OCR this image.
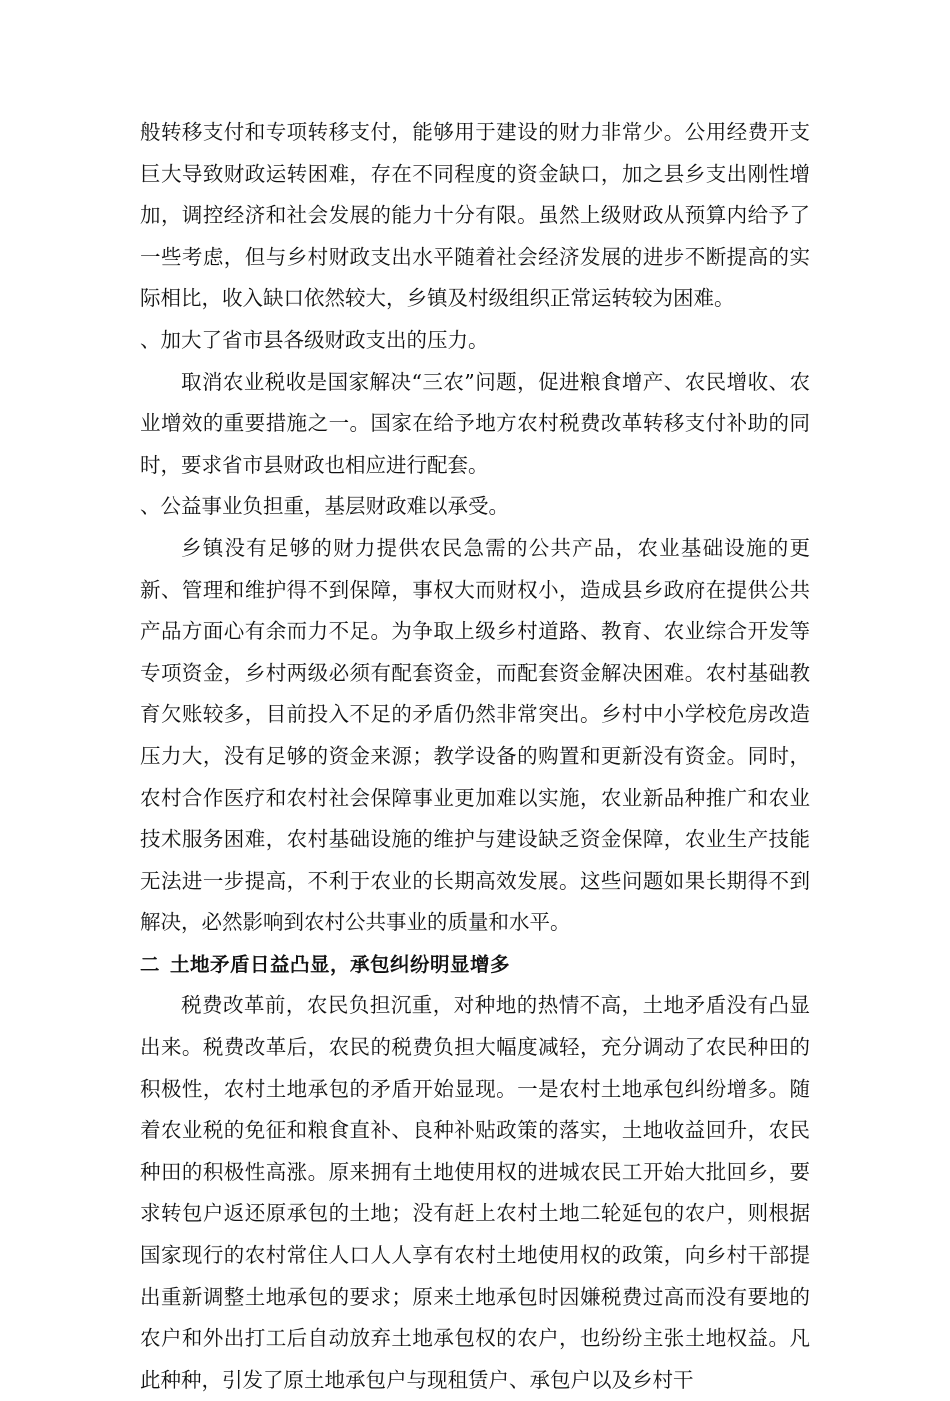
般转移支付和专项转移支付，能够用于建设的财力非常少。公用经费开支巨大导致财政运转困难，存在不同程度的资金缺口，加之县乡支出刚性增加，调控经济和社会发展的能力十分有限。虽然上级财政从预算内给予了一些考虑，但与乡村财政支出水平随着社会经济发展的进步不断提高的实际相比，收入缺口依然较大，乡镇及村级组织正常运转较为困难。

、加大了省市县各级财政支出的压力。

取消农业税收是国家解决“三农”问题，促进粮食增产、农民增收、农业增效的重要措施之一。国家在给予地方农村税费改革转移支付补助的同时，要求省市县财政也相应进行配套。

、公益事业负担重，基层财政难以承受。

乡镇没有足够的财力提供农民急需的公共产品，农业基础设施的更新、管理和维护得不到保障，事权大而财权小，造成县乡政府在提供公共产品方面心有余而力不足。为争取上级乡村道路、教育、农业综合开发等专项资金，乡村两级必须有配套资金，而配套资金解决困难。农村基础教育欠账较多，目前投入不足的矛盾仍然非常突出。乡村中小学校危房改造压力大，没有足够的资金来源；教学设备的购置和更新没有资金。同时，农村合作医疗和农村社会保障事业更加难以实施，农业新品种推广和农业技术服务困难，农村基础设施的维护与建设缺乏资金保障，农业生产技能无法进一步提高，不利于农业的长期高效发展。这些问题如果长期得不到解决，必然影响到农村公共事业的质量和水平。

二 土地矛盾日益凸显，承包纠纷明显增多

税费改革前，农民负担沉重，对种地的热情不高，土地矛盾没有凸显出来。税费改革后，农民的税费负担大幅度减轻，充分调动了农民种田的积极性，农村土地承包的矛盾开始显现。一是农村土地承包纠纷增多。随着农业税的免征和粮食直补、良种补贴政策的落实，土地收益回升，农民种田的积极性高涨。原来拥有土地使用权的进城农民工开始大批回乡，要求转包户返还原承包的土地；没有赶上农村土地二轮延包的农户，则根据国家现行的农村常住人口人人享有农村土地使用权的政策，向乡村干部提出重新调整土地承包的要求；原来土地承包时因嫌税费过高而没有要地的农户和外出打工后自动放弃土地承包权的农户，也纷纷主张土地权益。凡此种种，引发了原土地承包户与现租赁户、承包户以及乡村干
